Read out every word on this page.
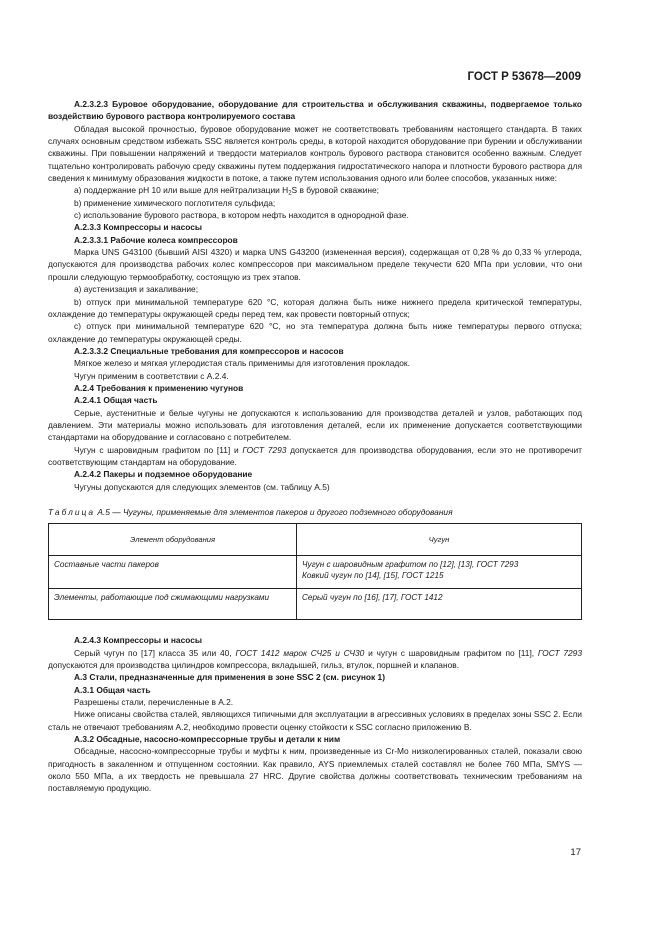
ГОСТ Р 53678—2009

А.2.3.2.3 Буровое оборудование, оборудование для строительства и обслуживания скважины, подвергаемое только воздействию бурового раствора контролируемого состава

Обладая высокой прочностью, буровое оборудование может не соответствовать требованиям настоящего стандарта. В таких случаях основным средством избежать SSC является контроль среды, в которой находится оборудование при бурении и обслуживании скважины. При повышении напряжений и твердости материалов контроль бурового раствора становится особенно важным. Следует тщательно контролировать рабочую среду скважины путем поддержания гидростатического напора и плотности бурового раствора для сведения к минимуму образования жидкости в потоке, а также путем использования одного или более способов, указанных ниже:

а) поддержание pH 10 или выше для нейтрализации $H_2S$ в буровой скважине;

b) применение химического поглотителя сульфида;

с) использование бурового раствора, в котором нефть находится в однородной фазе.

А.2.3.3 Компрессоры и насосы

А.2.3.3.1 Рабочие колеса компрессоров

Марка UNS G43100 (бывший AISI 4320) и марка UNS G43200 (измененная версия), содержащая от 0,28 % до 0,33 % углерода, допускаются для производства рабочих колес компрессоров при максимальном пределе текучести 620 МПа при условии, что они прошли следующую термообработку, состоящую из трех этапов.

а) аустенизация и закаливание;

b) отпуск при минимальной температуре 620 °С, которая должна быть ниже нижнего предела критической температуры, охлаждение до температуры окружающей среды перед тем, как провести повторный отпуск;

с) отпуск при минимальной температуре 620 °С, но эта температура должна быть ниже температуры первого отпуска; охлаждение до температуры окружающей среды.

А.2.3.3.2 Специальные требования для компрессоров и насосов

Мягкое железо и мягкая углеродистая сталь применимы для изготовления прокладок.

Чугун применим в соответствии с А.2.4.

А.2.4 Требования к применению чугунов

А.2.4.1 Общая часть

Серые, аустенитные и белые чугуны не допускаются к использованию для производства деталей и узлов, работающих под давлением. Эти материалы можно использовать для изготовления деталей, если их применение допускается соответствующими стандартами на оборудование и согласовано с потребителем.

Чугун с шаровидным графитом по [11] и ГОСТ 7293 допускается для производства оборудования, если это не противоречит соответствующим стандартам на оборудование.

А.2.4.2 Пакеры и подземное оборудование

Чугуны допускаются для следующих элементов (см. таблицу А.5)

Таблица А.5 — Чугуны, применяемые для элементов пакеров и другого подземного оборудования

Элемент оборудования	Чугун
Составные части пакеров	Чугун с шаровидным графитом по [12], [13], ГОСТ 7293
Ковкий чугун по [14], [15], ГОСТ 1215

Элементы, работающие под сжимающими нагрузками	Серый чугун по [16], [17], ГОСТ 1412

А.2.4.3 Компрессоры и насосы

Серый чугун по [17] класса 35 или 40, ГОСТ 1412 марок СЧ25 и СЧ30 и чугун с шаровидным графитом по [11], ГОСТ 7293 допускаются для производства цилиндров компрессора, вкладышей, гильз, втулок, поршней и клапанов.

А.3 Стали, предназначенные для применения в зоне SSC 2 (см. рисунок 1)

А.3.1 Общая часть

Разрешены стали, перечисленные в А.2.

Ниже описаны свойства сталей, являющихся типичными для эксплуатации в агрессивных условиях в пределах зоны SSC 2. Если сталь не отвечают требованиям А.2, необходимо провести оценку стойкости к SSC согласно приложению В.

А.3.2 Обсадные, насосно-компрессорные трубы и детали к ним

Обсадные, насосно-компрессорные трубы и муфты к ним, произведенные из Cr-Mo низколегированных сталей, показали свою пригодность в закаленном и отпущенном состоянии. Как правило, AYS приемлемых сталей составлял не более 760 МПа, SMYS — около 550 МПа, а их твердость не превышала 27 HRC. Другие свойства должны соответствовать техническим требованиям на поставляемую продукцию.

17
